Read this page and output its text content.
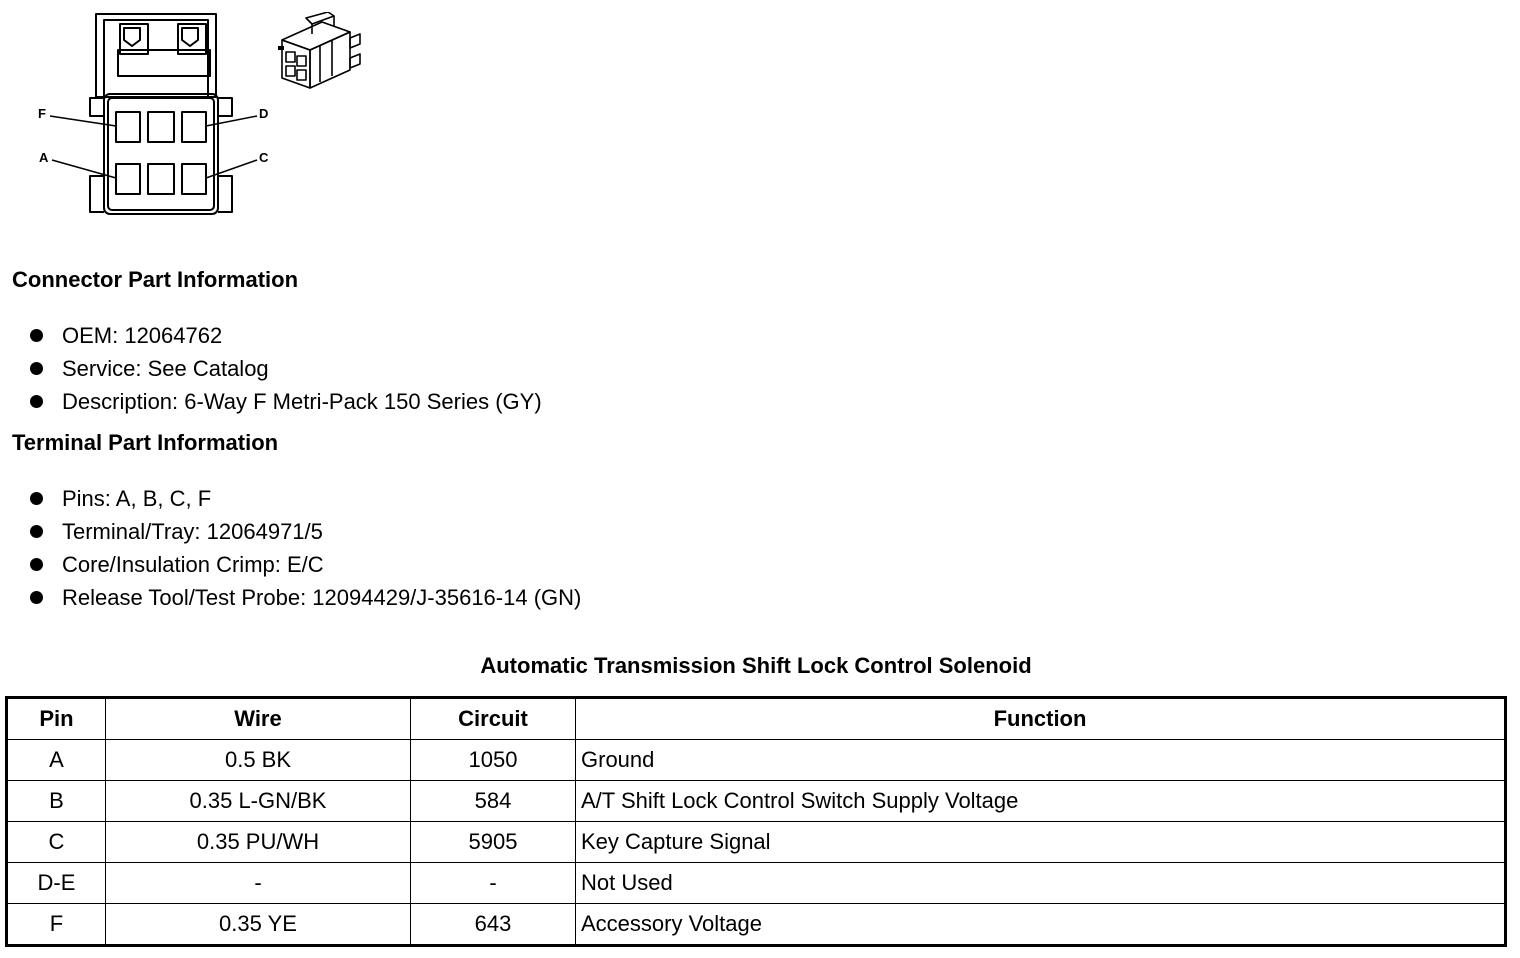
F	D
A	C
Connector Part Information
OEM: 12064762
Service: See Catalog
Description: 6-Way F Metri-Pack 150 Series (GY)
Terminal Part Information
Pins: A, B, C, F
Terminal/Tray: 12064971/5
Core/Insulation Crimp: E/C
Release Tool/Test Probe: 12094429/J-35616-14 (GN)
Automatic Transmission Shift Lock Control Solenoid
Pin	Wire	Circuit	Function
A	0.5 BK	1050	Ground
B	0.35 L-GN/BK	584	A/T Shift Lock Control Switch Supply Voltage
C	0.35 PU/WH	5905	Key Capture Signal
D-E	-	-	Not Used
F	0.35 YE	643	Accessory Voltage
